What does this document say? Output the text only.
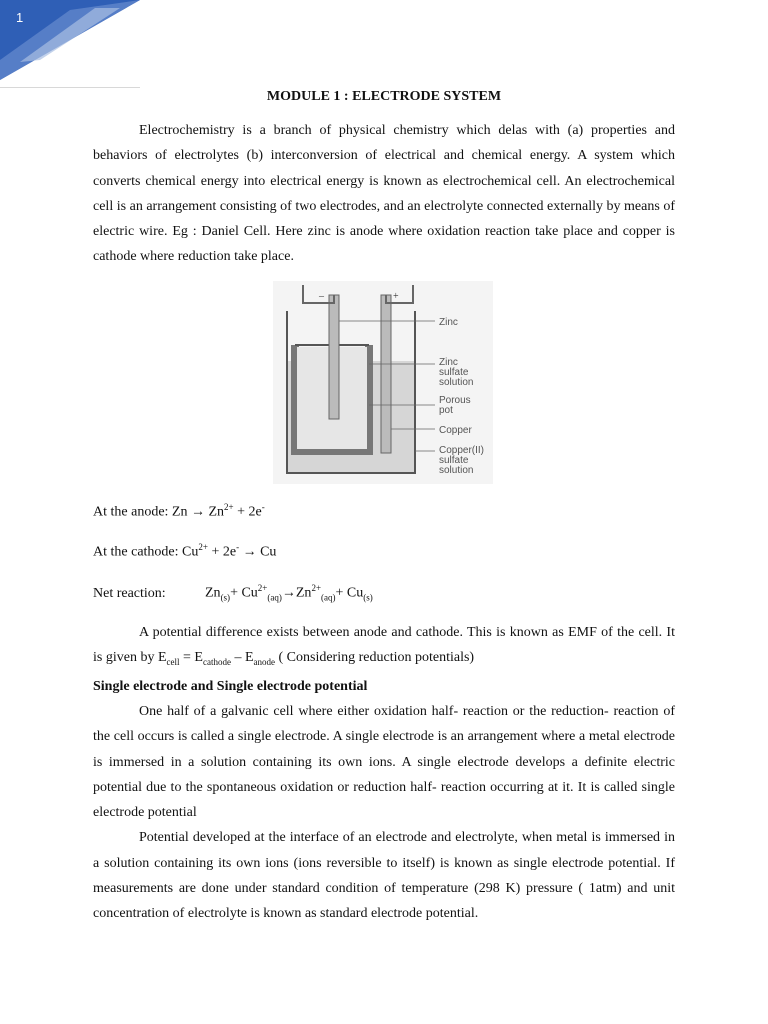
1
MODULE 1 : ELECTRODE SYSTEM

Electrochemistry is a branch of physical chemistry which delas with (a) properties and behaviors of electrolytes (b) interconversion of electrical and chemical energy. A system which converts chemical energy into electrical energy is known as electrochemical cell. An electrochemical cell is an arrangement consisting of two electrodes, and an electrolyte connected externally by means of electric wire. Eg : Daniel Cell. Here zinc is anode where oxidation reaction take place and copper is cathode where reduction take place.

–	+
Zinc
Zinc
sulfate
solution
Porous
pot
Copper
Copper(II)
sulfate
solution

At the anode: $Zn \to Zn^{2+} + 2e^-$

At the cathode: $Cu^{2+} + 2e^- \to Cu$

Net reaction:	$Zn_{(s)}+ Cu^{2+}_{(aq)}\to Zn^{2+}_{(aq)}+ Cu_{(s)}$

A potential difference exists between anode and cathode. This is known as EMF of the cell. It is given by $E_{cell} = E_{cathode} - E_{anode}$ ( Considering reduction potentials)

Single electrode and Single electrode potential

One half of a galvanic cell where either oxidation half- reaction or the reduction- reaction of the cell occurs is called a single electrode. A single electrode is an arrangement where a metal electrode is immersed in a solution containing its own ions. A single electrode develops a definite electric potential due to the spontaneous oxidation or reduction half- reaction occurring at it. It is called single electrode potential

Potential developed at the interface of an electrode and electrolyte, when metal is immersed in a solution containing its own ions (ions reversible to itself) is known as single electrode potential. If measurements are done under standard condition of temperature (298 K) pressure ( 1atm) and unit concentration of electrolyte is known as standard electrode potential.
